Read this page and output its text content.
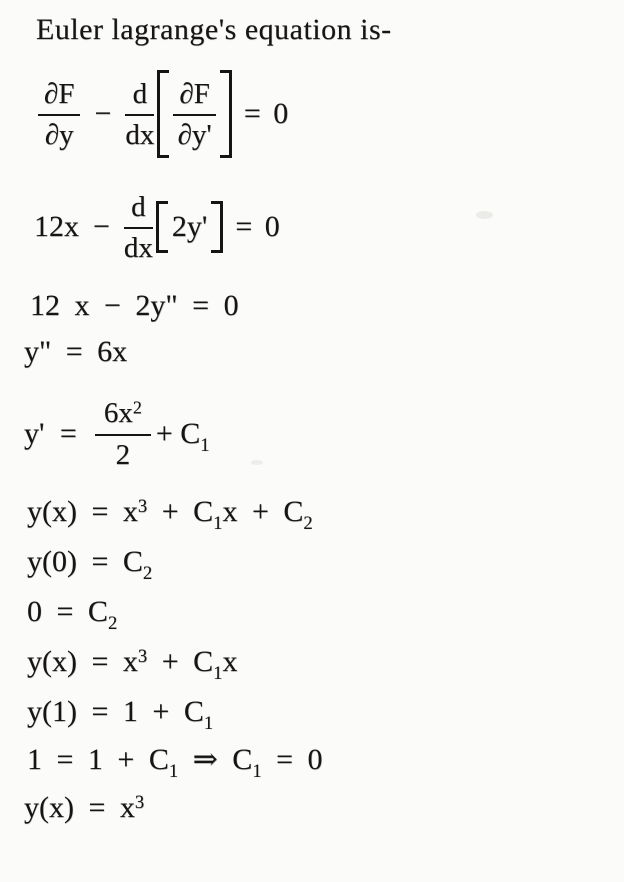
Euler lagrange's equation is-
$\frac{\partial F}{\partial y} - \frac{d}{dx} \frac{\partial F}{\partial y'} = 0$
$12x - \frac{d}{dx} 2y' = 0$
12 x − 2y" = 0
y" = 6x
$y' = \frac{6x^2}{2} + C_1$
$y(x) = x^3 + C_1x + C_2$
$y(0) = C_2$
$0 = C_2$
$y(x) = x^3 + C_1x$
$y(1) = 1 + C_1$
$1 = 1 + C_1$ ⇒ $C_1 = 0$
$y(x) = x^3$
